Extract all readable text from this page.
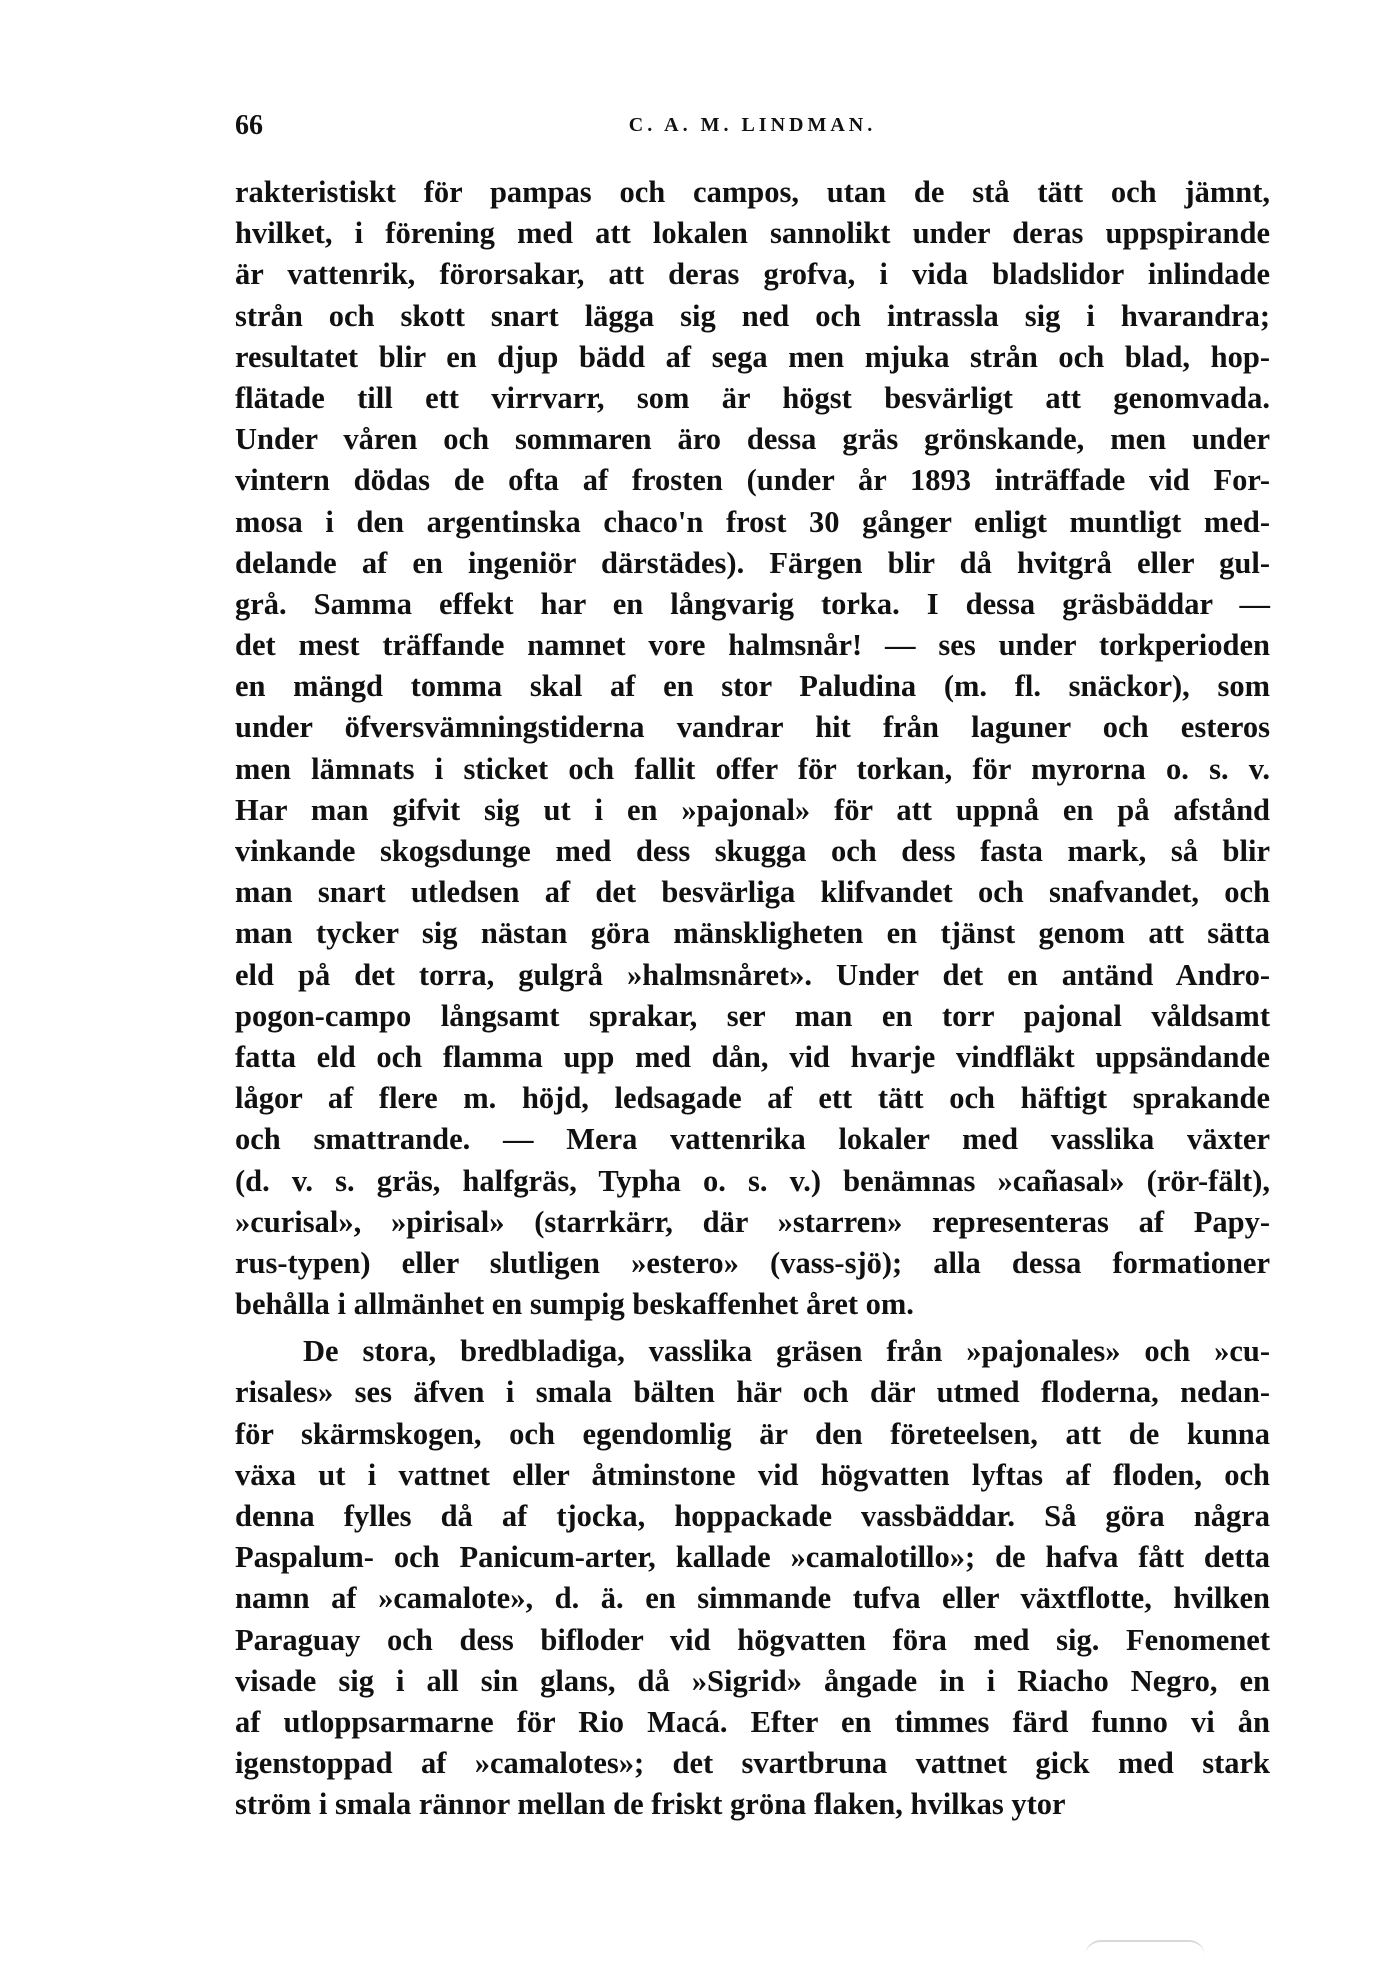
66	C. A. M. LINDMAN.
rakteristiskt för pampas och campos, utan de stå tätt och jämnt,
hvilket, i förening med att lokalen sannolikt under deras uppspirande
är vattenrik, förorsakar, att deras grofva, i vida bladslidor inlindade
strån och skott snart lägga sig ned och intrassla sig i hvarandra;
resultatet blir en djup bädd af sega men mjuka strån och blad, hop-
flätade till ett virrvarr, som är högst besvärligt att genomvada.
Under våren och sommaren äro dessa gräs grönskande, men under
vintern dödas de ofta af frosten (under år 1893 inträffade vid For-
mosa i den argentinska chaco'n frost 30 gånger enligt muntligt med-
delande af en ingeniör därstädes). Färgen blir då hvitgrå eller gul-
grå. Samma effekt har en långvarig torka. I dessa gräsbäddar —
det mest träffande namnet vore halmsnår! — ses under torkperioden
en mängd tomma skal af en stor Paludina (m. fl. snäckor), som
under öfversvämningstiderna vandrar hit från laguner och esteros
men lämnats i sticket och fallit offer för torkan, för myrorna o. s. v.
Har man gifvit sig ut i en »pajonal» för att uppnå en på afstånd
vinkande skogsdunge med dess skugga och dess fasta mark, så blir
man snart utledsen af det besvärliga klifvandet och snafvandet, och
man tycker sig nästan göra mänskligheten en tjänst genom att sätta
eld på det torra, gulgrå »halmsnåret». Under det en antänd Andro-
pogon-campo långsamt sprakar, ser man en torr pajonal våldsamt
fatta eld och flamma upp med dån, vid hvarje vindfläkt uppsändande
lågor af flere m. höjd, ledsagade af ett tätt och häftigt sprakande
och smattrande. — Mera vattenrika lokaler med vasslika växter
(d. v. s. gräs, halfgräs, Typha o. s. v.) benämnas »cañasal» (rör-fält),
»curisal», »pirisal» (starrkärr, där »starren» representeras af Papy-
rus-typen) eller slutligen »estero» (vass-sjö); alla dessa formationer
behålla i allmänhet en sumpig beskaffenhet året om.
De stora, bredbladiga, vasslika gräsen från »pajonales» och »cu-
risales» ses äfven i smala bälten här och där utmed floderna, nedan-
för skärmskogen, och egendomlig är den företeelsen, att de kunna
växa ut i vattnet eller åtminstone vid högvatten lyftas af floden, och
denna fylles då af tjocka, hoppackade vassbäddar. Så göra några
Paspalum- och Panicum-arter, kallade »camalotillo»; de hafva fått detta
namn af »camalote», d. ä. en simmande tufva eller växtflotte, hvilken
Paraguay och dess bifloder vid högvatten föra med sig. Fenomenet
visade sig i all sin glans, då »Sigrid» ångade in i Riacho Negro, en
af utloppsarmarne för Rio Macá. Efter en timmes färd funno vi ån
igenstoppad af »camalotes»; det svartbruna vattnet gick med stark
ström i smala rännor mellan de friskt gröna flaken, hvilkas ytor
